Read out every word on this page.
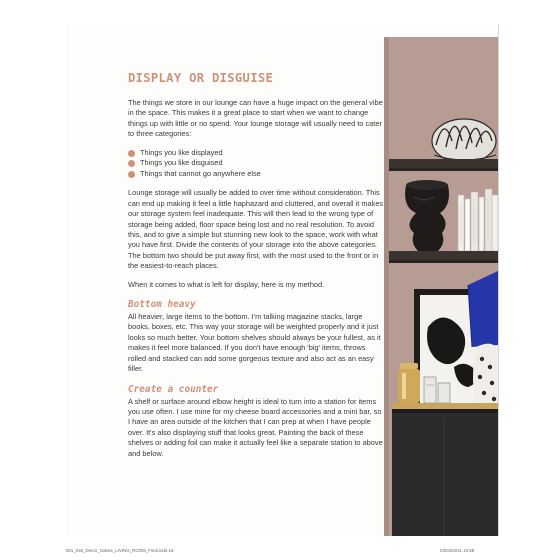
DISPLAY OR DISGUISE

The things we store in our lounge can have a huge impact on the general vibe in the space. This makes it a great place to start when we want to change things up with little or no spend. Your lounge storage will usually need to cater to three categories:

Things you like displayed
Things you like disguised
Things that cannot go anywhere else

Lounge storage will usually be added to over time without consideration. This can end up making it feel a little haphazard and cluttered, and overall it makes our storage system feel inadequate. This will then lead to the wrong type of storage being added, floor space being lost and no real resolution. To avoid this, and to give a simple but stunning new look to the space, work with what you have first. Divide the contents of your storage into the above categories. The bottom two should be put away first, with the most used to the front or in the easiest-to-reach places.

When it comes to what is left for display, here is my method.

Bottom heavy

All heavier, large items to the bottom. I'm talking magazine stacks, large books, boxes, etc. This way your storage will be weighted properly and it just looks so much better. Your bottom shelves should always be your fullest, as it makes it feel more balanced. If you don't have enough 'big' items, throws rolled and stacked can add some gorgeous texture and also act as an easy filler.

Create a counter

A shelf or surface around elbow height is ideal to turn into a station for items you use often. I use mine for my cheese board accessories and a mini bar, so I have an area outside of the kitchen that I can prep at when I have people over. It's also displaying stuff that looks great. Painting the back of these shelves or adding foil can make it actually feel like a separate station to above and below.

001_046_Decor_Galore_LIVING_ROOM_Final.indd 18	03/04/2021 10:58
